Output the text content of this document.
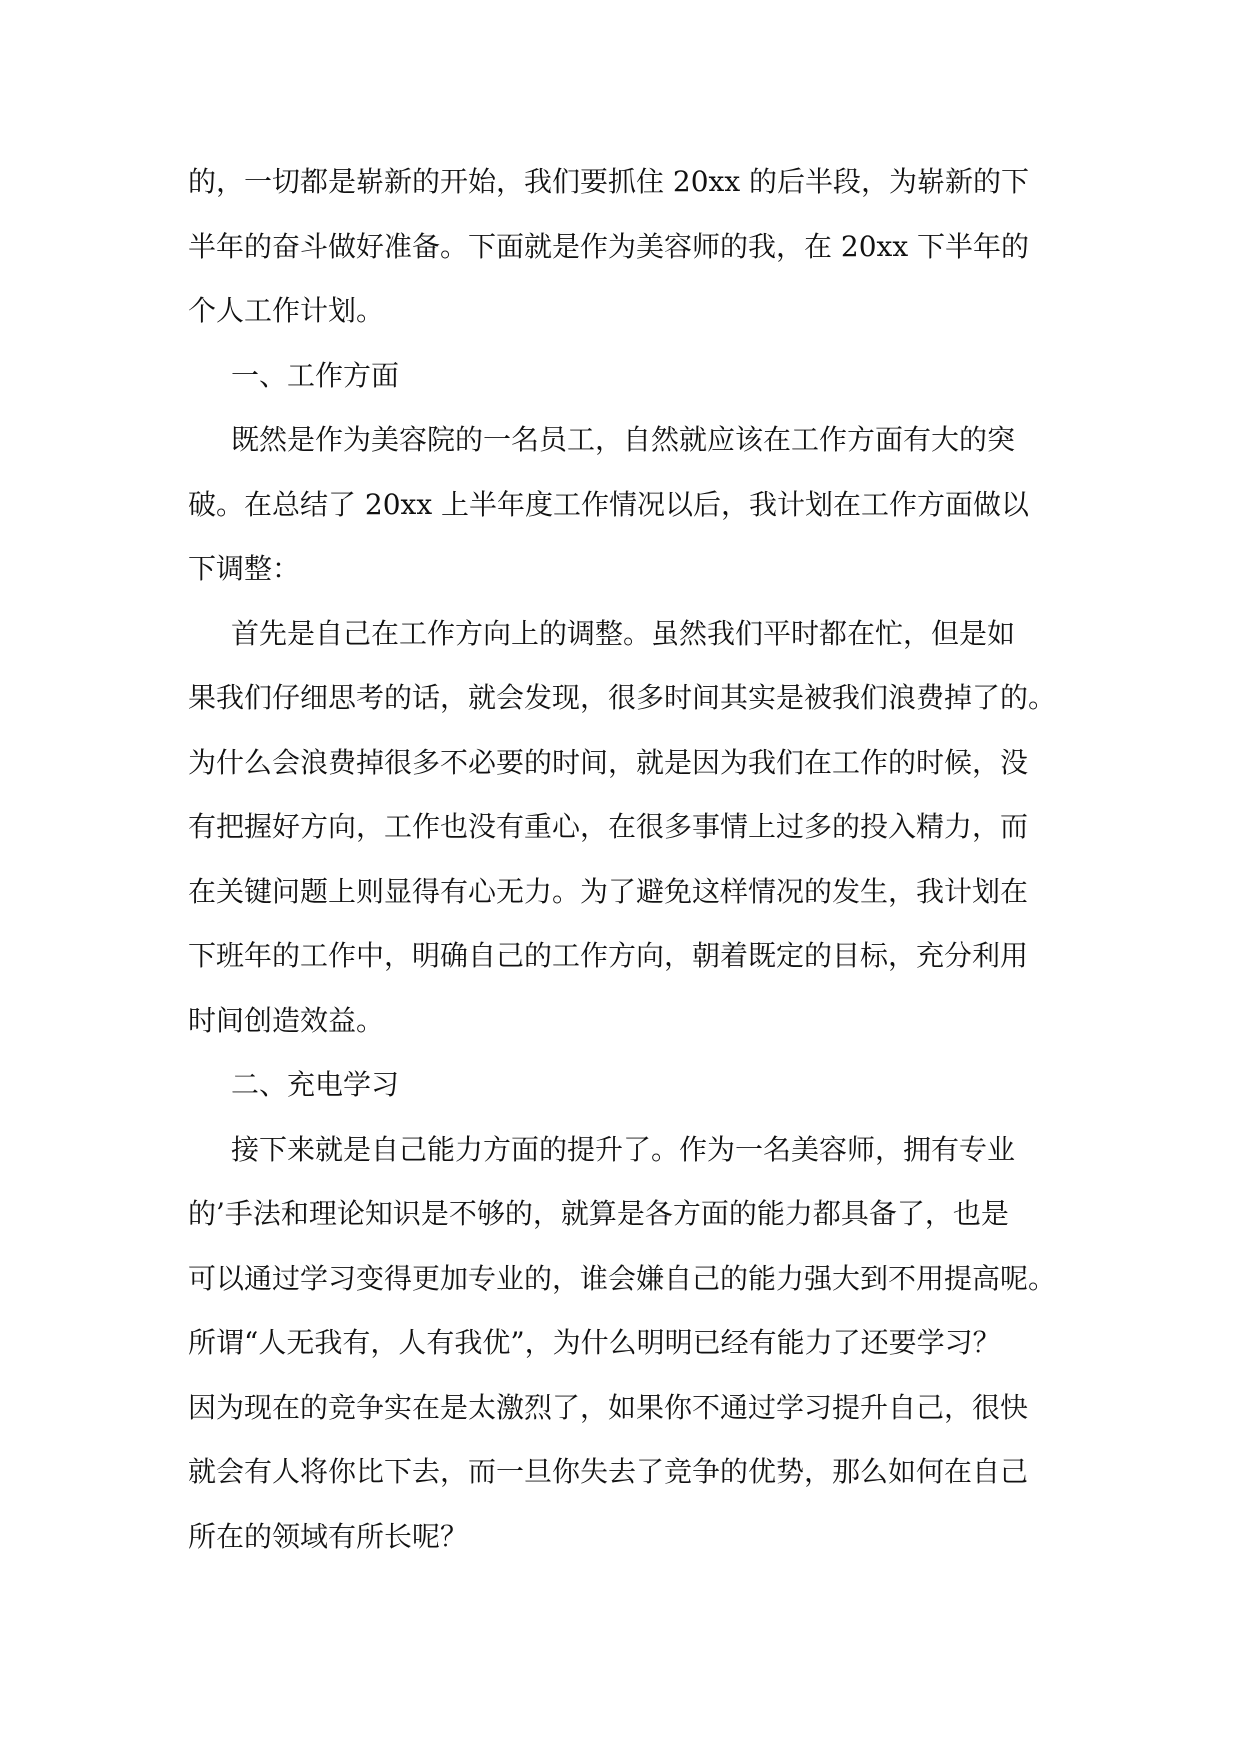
的，一切都是崭新的开始，我们要抓住 20xx 的后半段，为崭新的下
半年的奋斗做好准备。下面就是作为美容师的我，在 20xx 下半年的
个人工作计划。
一、工作方面
既然是作为美容院的一名员工，自然就应该在工作方面有大的突
破。在总结了 20xx 上半年度工作情况以后，我计划在工作方面做以
下调整：
首先是自己在工作方向上的调整。虽然我们平时都在忙，但是如
果我们仔细思考的话，就会发现，很多时间其实是被我们浪费掉了的。
为什么会浪费掉很多不必要的时间，就是因为我们在工作的时候，没
有把握好方向，工作也没有重心，在很多事情上过多的投入精力，而
在关键问题上则显得有心无力。为了避免这样情况的发生，我计划在
下班年的工作中，明确自己的工作方向，朝着既定的目标，充分利用
时间创造效益。
二、充电学习
接下来就是自己能力方面的提升了。作为一名美容师，拥有专业
的’手法和理论知识是不够的，就算是各方面的能力都具备了，也是
可以通过学习变得更加专业的，谁会嫌自己的能力强大到不用提高呢。
所谓“人无我有，人有我优”，为什么明明已经有能力了还要学习？
因为现在的竞争实在是太激烈了，如果你不通过学习提升自己，很快
就会有人将你比下去，而一旦你失去了竞争的优势，那么如何在自己
所在的领域有所长呢？
